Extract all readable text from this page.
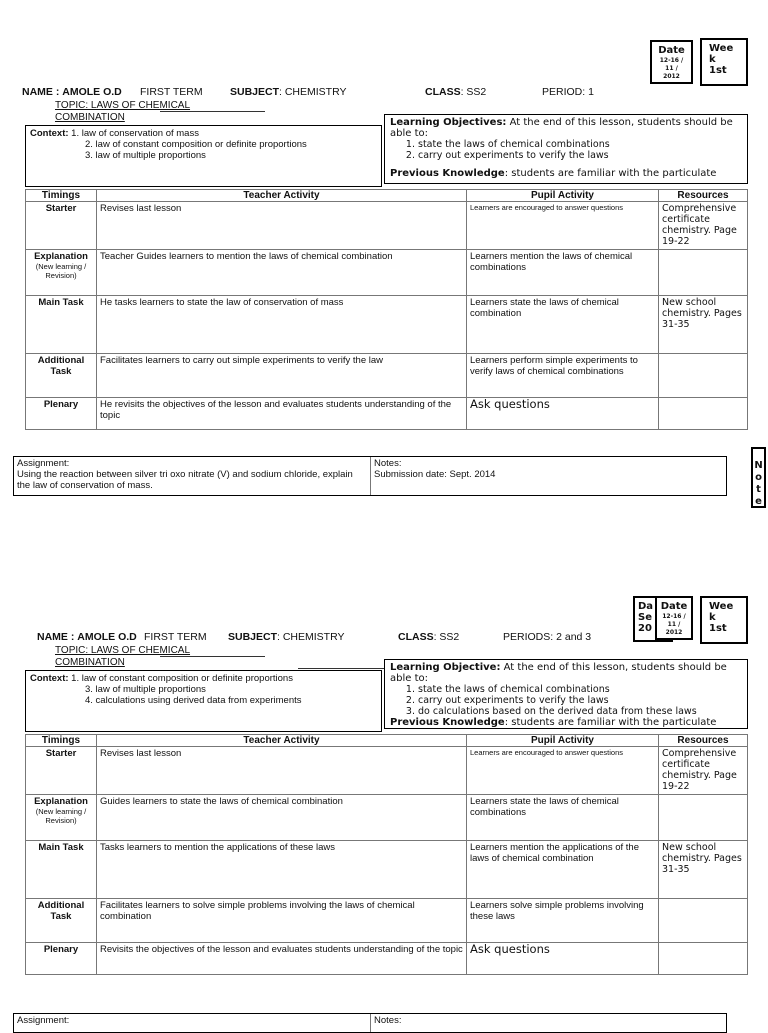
Date
12-16 /
11 /
2012
Wee
k
1st
NAME : AMOLE O.D FIRST TERM	SUBJECT: CHEMISTRY	CLASS: SS2	PERIOD: 1
TOPIC: LAWS OF CHEMICAL
COMBINATION
Context: 1. law of conservation of mass
2. law of constant composition or definite proportions
3. law of multiple proportions
Learning Objectives: At the end of this lesson, students should be able to:
1. state the laws of chemical combinations
2. carry out experiments to verify the laws
Previous Knowledge: students are familiar with the particulate
Timings	Teacher Activity	Pupil Activity	Resources
Starter	Revises last lesson	Learners are encouraged to answer questions	Comprehensive certificate chemistry. Page 19-22
Explanation
(New learning / Revision)	Teacher Guides learners to mention the laws of chemical combination	Learners mention the laws of chemical combinations	
Main Task	He tasks learners to state the law of conservation of mass	Learners state the laws of chemical combination	New school chemistry. Pages 31-35
Additional Task	Facilitates learners to carry out simple experiments to verify the law	Learners perform simple experiments to verify laws of chemical combinations	
Plenary	He revisits the objectives of the lesson and evaluates students understanding of the topic	Ask questions	
Assignment:
Using the reaction between silver tri oxo nitrate (V) and sodium chloride, explain the law of conservation of mass.
Notes:
Submission date: Sept. 2014
N
o
t
e
Da
Se
20
Date
12-16 /
11 /
2012
Wee
k
1st
NAME : AMOLE O.D FIRST TERM SUBJECT: CHEMISTRY	CLASS: SS2	PERIODS: 2 and 3
TOPIC: LAWS OF CHEMICAL
COMBINATION
Context: 1. law of constant composition or definite proportions
3. law of multiple proportions
4. calculations using derived data from experiments
Learning Objective: At the end of this lesson, students should be able to:
1. state the laws of chemical combinations
2. carry out experiments to verify the laws
3. do calculations based on the derived data from these laws
Previous Knowledge: students are familiar with the particulate
Timings	Teacher Activity	Pupil Activity	Resources
Starter	Revises last lesson	Learners are encouraged to answer questions	Comprehensive certificate chemistry. Page 19-22
Explanation
(New learning / Revision)	Guides learners to state the laws of chemical combination	Learners state the laws of chemical combinations	
Main Task	Tasks learners to mention the applications of these laws	Learners mention the applications of the laws of chemical combination	New school chemistry. Pages 31-35
Additional Task	Facilitates learners to solve simple problems involving the laws of chemical combination	Learners solve simple problems involving these laws	
Plenary	Revisits the objectives of the lesson and evaluates students understanding of the topic	Ask questions	
Assignment:	Notes:
